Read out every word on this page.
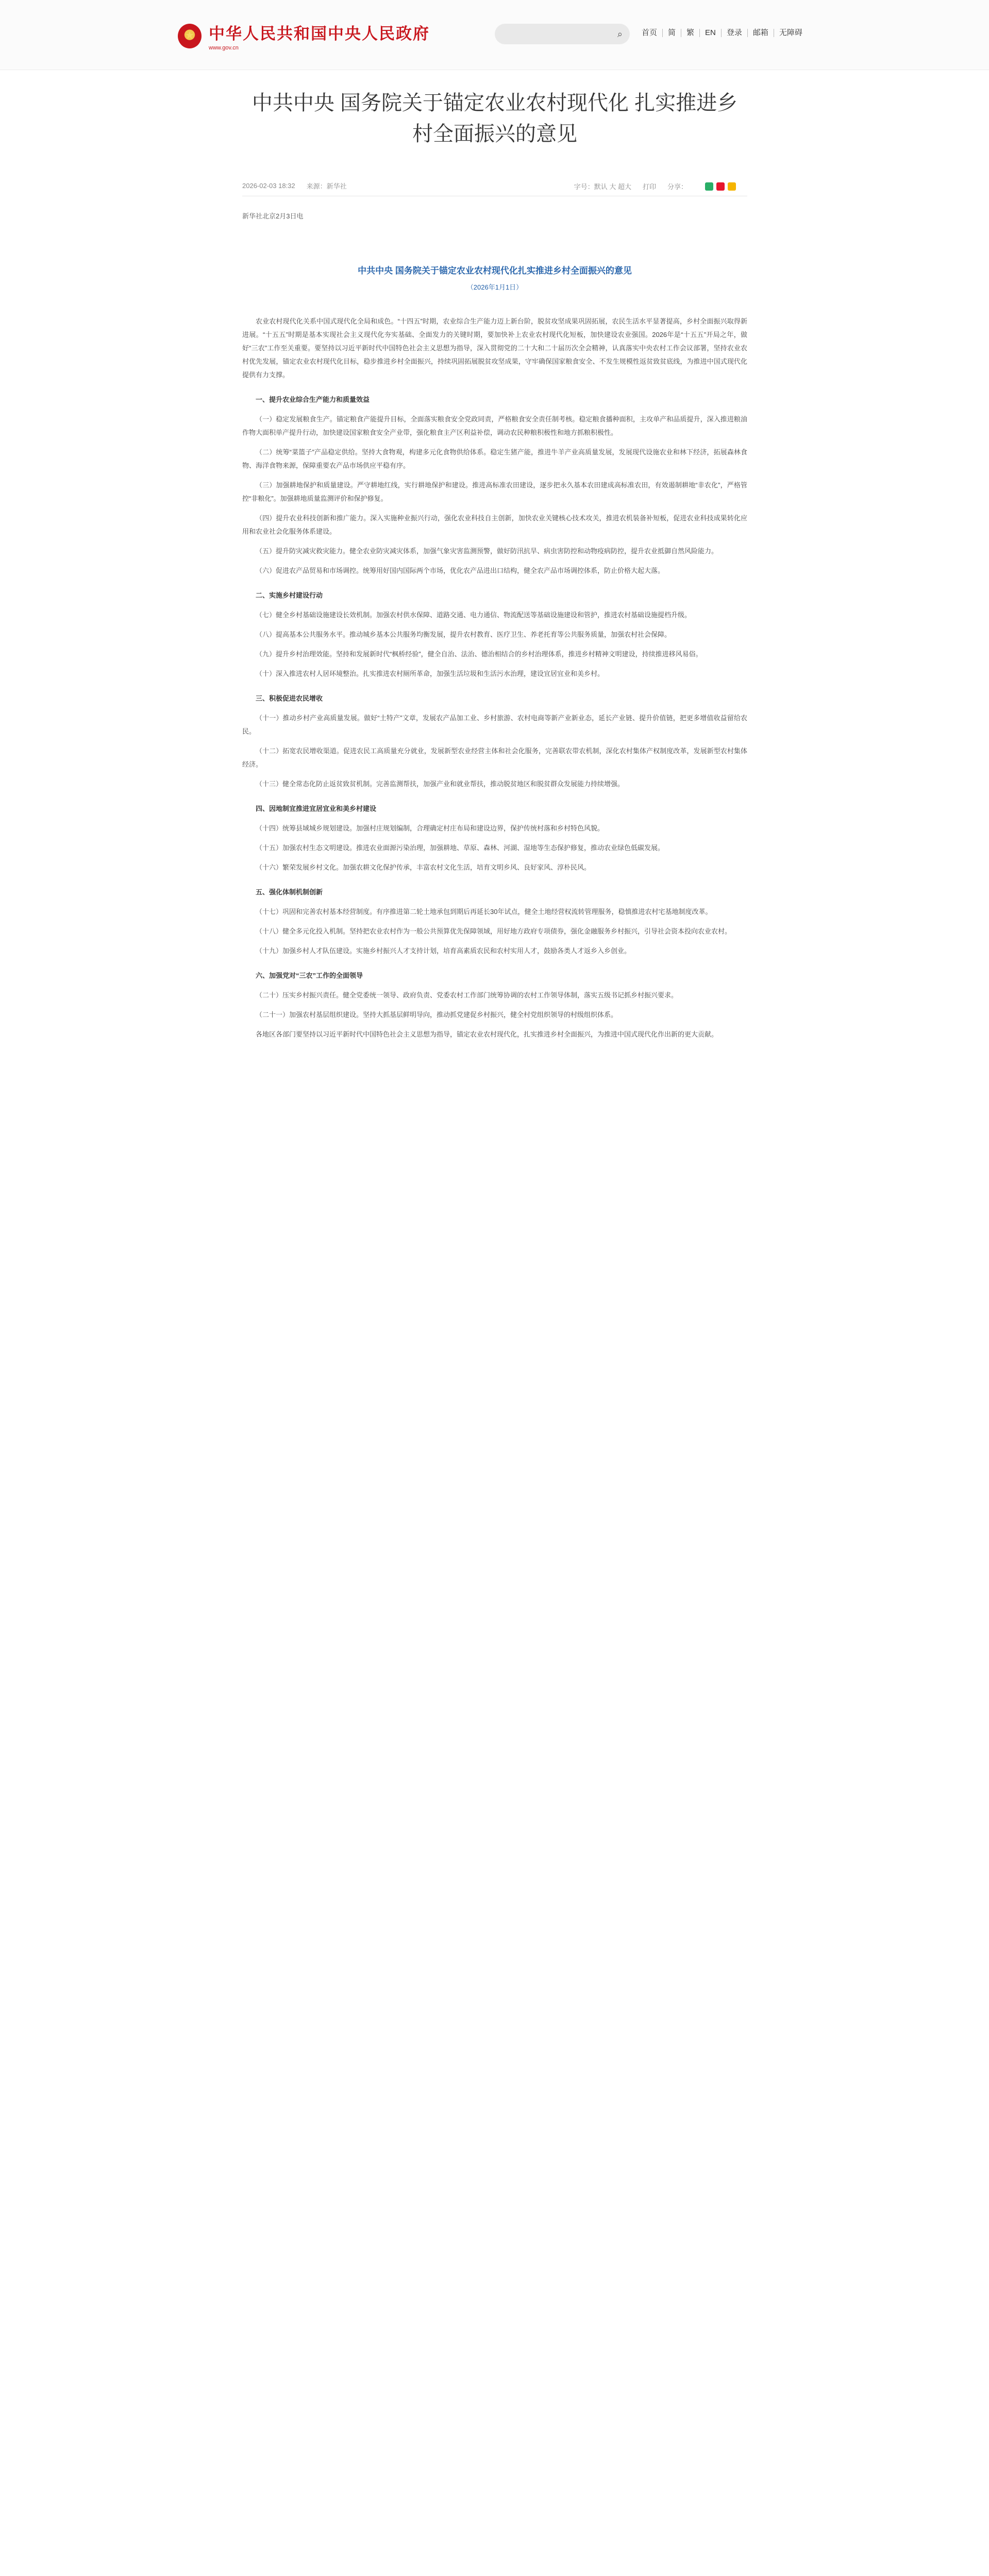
★
中华人民共和国中央人民政府
www.gov.cn
⌕	首页	简	繁	EN	登录	邮箱	无障碍
中共中央 国务院关于锚定农业农村现代化 扎实推进乡村全面振兴的意见
2026-02-03 18:32 来源：新华社	字号：默认 大 超大 打印 分享：
新华社北京2月3日电
中共中央 国务院关于锚定农业农村现代化扎实推进乡村全面振兴的意见
（2026年1月1日）

农业农村现代化关系中国式现代化全局和成色。“十四五”时期，农业综合生产能力迈上新台阶，脱贫攻坚成果巩固拓展，农民生活水平显著提高，乡村全面振兴取得新进展。“十五五”时期是基本实现社会主义现代化夯实基础、全面发力的关键时期，要加快补上农业农村现代化短板，加快建设农业强国。2026年是“十五五”开局之年，做好“三农”工作至关重要。要坚持以习近平新时代中国特色社会主义思想为指导，深入贯彻党的二十大和二十届历次全会精神，认真落实中央农村工作会议部署，坚持农业农村优先发展，锚定农业农村现代化目标，稳步推进乡村全面振兴，持续巩固拓展脱贫攻坚成果，守牢确保国家粮食安全、不发生规模性返贫致贫底线，为推进中国式现代化提供有力支撑。

一、提升农业综合生产能力和质量效益

（一）稳定发展粮食生产。锚定粮食产能提升目标，全面落实粮食安全党政同责，严格粮食安全责任制考核。稳定粮食播种面积，主攻单产和品质提升，深入推进粮油作物大面积单产提升行动，加快建设国家粮食安全产业带，强化粮食主产区利益补偿，调动农民种粮积极性和地方抓粮积极性。

（二）统筹“菜篮子”产品稳定供给。坚持大食物观，构建多元化食物供给体系。稳定生猪产能，推进牛羊产业高质量发展，发展现代设施农业和林下经济，拓展森林食物、海洋食物来源，保障重要农产品市场供应平稳有序。

（三）加强耕地保护和质量建设。严守耕地红线，实行耕地保护和建设。推进高标准农田建设，逐步把永久基本农田建成高标准农田，有效遏制耕地“非农化”，严格管控“非粮化”。加强耕地质量监测评价和保护修复。

（四）提升农业科技创新和推广能力。深入实施种业振兴行动，强化农业科技自主创新，加快农业关键核心技术攻关，推进农机装备补短板，促进农业科技成果转化应用和农业社会化服务体系建设。

（五）提升防灾减灾救灾能力。健全农业防灾减灾体系，加强气象灾害监测预警，做好防汛抗旱、病虫害防控和动物疫病防控，提升农业抵御自然风险能力。

（六）促进农产品贸易和市场调控。统筹用好国内国际两个市场，优化农产品进出口结构，健全农产品市场调控体系，防止价格大起大落。

二、实施乡村建设行动

（七）健全乡村基础设施建设长效机制。加强农村供水保障、道路交通、电力通信、物流配送等基础设施建设和管护，推进农村基础设施提档升级。

（八）提高基本公共服务水平。推动城乡基本公共服务均衡发展，提升农村教育、医疗卫生、养老托育等公共服务质量，加强农村社会保障。

（九）提升乡村治理效能。坚持和发展新时代“枫桥经验”，健全自治、法治、德治相结合的乡村治理体系，推进乡村精神文明建设，持续推进移风易俗。

（十）深入推进农村人居环境整治。扎实推进农村厕所革命，加强生活垃圾和生活污水治理，建设宜居宜业和美乡村。

三、积极促进农民增收

（十一）推动乡村产业高质量发展。做好“土特产”文章，发展农产品加工业、乡村旅游、农村电商等新产业新业态，延长产业链、提升价值链，把更多增值收益留给农民。

（十二）拓宽农民增收渠道。促进农民工高质量充分就业，发展新型农业经营主体和社会化服务，完善联农带农机制，深化农村集体产权制度改革，发展新型农村集体经济。

（十三）健全常态化防止返贫致贫机制。完善监测帮扶，加强产业和就业帮扶，推动脱贫地区和脱贫群众发展能力持续增强。

四、因地制宜推进宜居宜业和美乡村建设

（十四）统筹县域城乡规划建设。加强村庄规划编制，合理确定村庄布局和建设边界，保护传统村落和乡村特色风貌。

（十五）加强农村生态文明建设。推进农业面源污染治理，加强耕地、草原、森林、河湖、湿地等生态保护修复，推动农业绿色低碳发展。

（十六）繁荣发展乡村文化。加强农耕文化保护传承，丰富农村文化生活，培育文明乡风、良好家风、淳朴民风。

五、强化体制机制创新

（十七）巩固和完善农村基本经营制度。有序推进第二轮土地承包到期后再延长30年试点，健全土地经营权流转管理服务，稳慎推进农村宅基地制度改革。

（十八）健全多元化投入机制。坚持把农业农村作为一般公共预算优先保障领域，用好地方政府专项债券，强化金融服务乡村振兴，引导社会资本投向农业农村。

（十九）加强乡村人才队伍建设。实施乡村振兴人才支持计划，培育高素质农民和农村实用人才，鼓励各类人才返乡入乡创业。

六、加强党对“三农”工作的全面领导

（二十）压实乡村振兴责任。健全党委统一领导、政府负责、党委农村工作部门统筹协调的农村工作领导体制，落实五级书记抓乡村振兴要求。

（二十一）加强农村基层组织建设。坚持大抓基层鲜明导向，推动抓党建促乡村振兴，健全村党组织领导的村级组织体系。

各地区各部门要坚持以习近平新时代中国特色社会主义思想为指导，锚定农业农村现代化，扎实推进乡村全面振兴，为推进中国式现代化作出新的更大贡献。
